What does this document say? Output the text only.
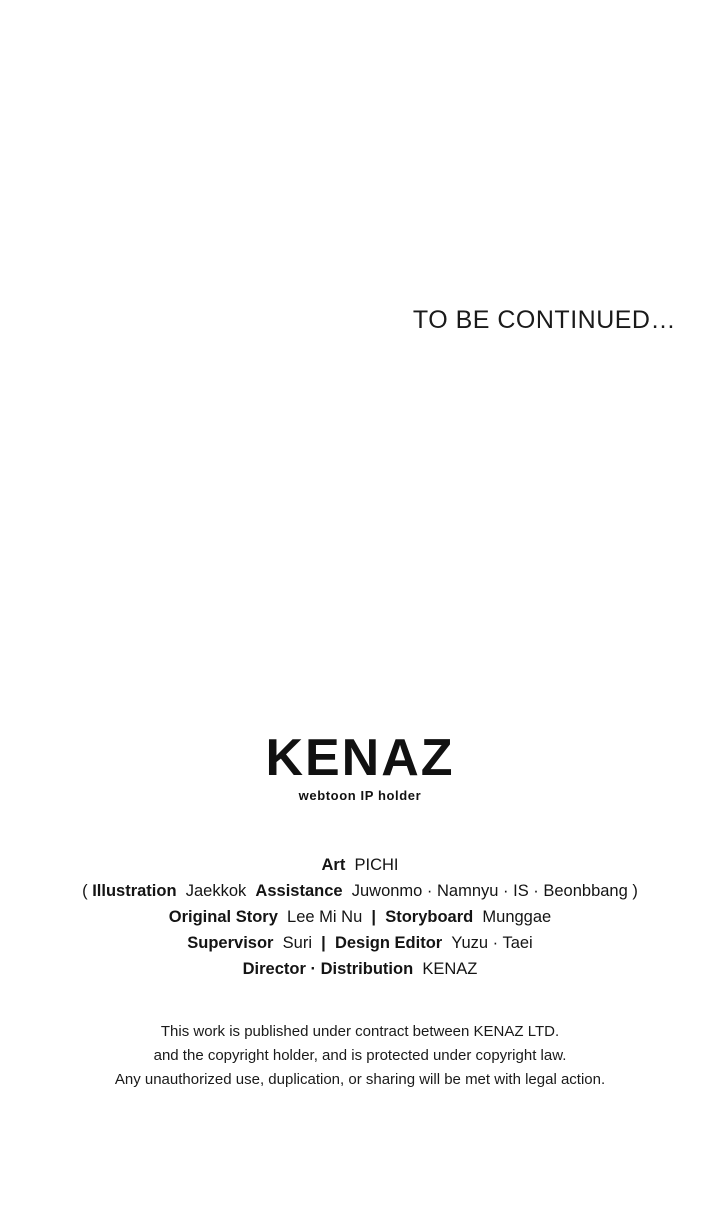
TO BE CONTINUED…
KENAZ
webtoon IP holder
Art PICHI
( Illustration Jaekkok Assistance Juwonmo · Namnyu · IS · Beonbbang )
Original Story Lee Mi Nu | Storyboard Munggae
Supervisor Suri | Design Editor Yuzu · Taei
Director · Distribution KENAZ
This work is published under contract between KENAZ LTD.
and the copyright holder, and is protected under copyright law.
Any unauthorized use, duplication, or sharing will be met with legal action.
